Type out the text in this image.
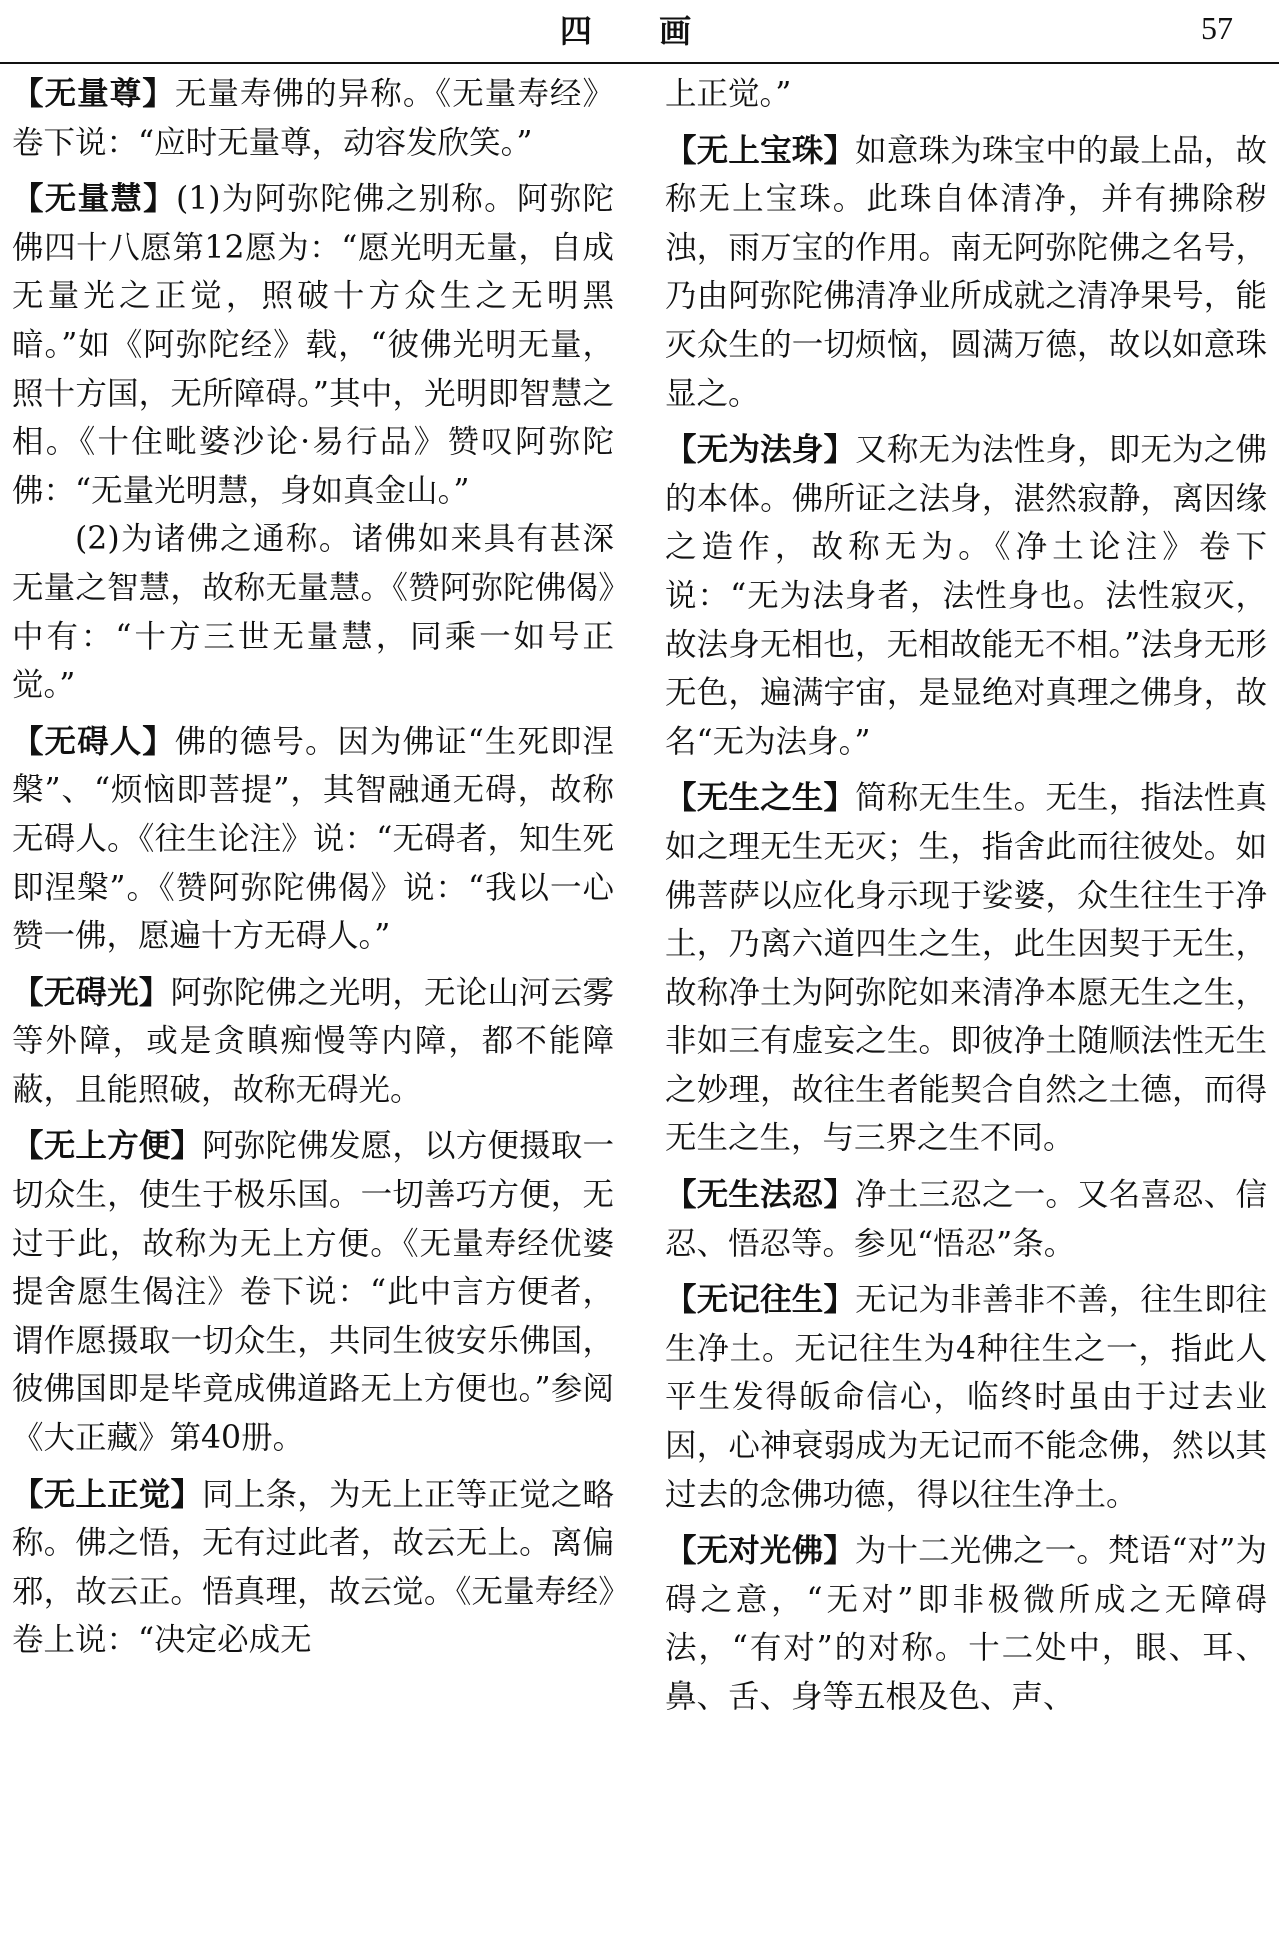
四 画	57

【无量尊】无量寿佛的异称。《无量寿经》卷下说：“应时无量尊，动容发欣笑。”

【无量慧】(1)为阿弥陀佛之别称。阿弥陀佛四十八愿第12愿为：“愿光明无量，自成无量光之正觉，照破十方众生之无明黑暗。”如《阿弥陀经》载，“彼佛光明无量，照十方国，无所障碍。”其中，光明即智慧之相。《十住毗婆沙论·易行品》赞叹阿弥陀佛：“无量光明慧，身如真金山。”

(2)为诸佛之通称。诸佛如来具有甚深无量之智慧，故称无量慧。《赞阿弥陀佛偈》中有：“十方三世无量慧，同乘一如号正觉。”

【无碍人】佛的德号。因为佛证“生死即涅槃”、“烦恼即菩提”，其智融通无碍，故称无碍人。《往生论注》说：“无碍者，知生死即涅槃”。《赞阿弥陀佛偈》说：“我以一心赞一佛，愿遍十方无碍人。”

【无碍光】阿弥陀佛之光明，无论山河云雾等外障，或是贪瞋痴慢等内障，都不能障蔽，且能照破，故称无碍光。

【无上方便】阿弥陀佛发愿，以方便摄取一切众生，使生于极乐国。一切善巧方便，无过于此，故称为无上方便。《无量寿经优婆提舍愿生偈注》卷下说：“此中言方便者，谓作愿摄取一切众生，共同生彼安乐佛国，彼佛国即是毕竟成佛道路无上方便也。”参阅《大正藏》第40册。

【无上正觉】同上条，为无上正等正觉之略称。佛之悟，无有过此者，故云无上。离偏邪，故云正。悟真理，故云觉。《无量寿经》卷上说：“决定必成无

上正觉。”

【无上宝珠】如意珠为珠宝中的最上品，故称无上宝珠。此珠自体清净，并有拂除秽浊，雨万宝的作用。南无阿弥陀佛之名号，乃由阿弥陀佛清净业所成就之清净果号，能灭众生的一切烦恼，圆满万德，故以如意珠显之。

【无为法身】又称无为法性身，即无为之佛的本体。佛所证之法身，湛然寂静，离因缘之造作，故称无为。《净土论注》卷下说：“无为法身者，法性身也。法性寂灭，故法身无相也，无相故能无不相。”法身无形无色，遍满宇宙，是显绝对真理之佛身，故名“无为法身。”

【无生之生】简称无生生。无生，指法性真如之理无生无灭；生，指舍此而往彼处。如佛菩萨以应化身示现于娑婆，众生往生于净土，乃离六道四生之生，此生因契于无生，故称净土为阿弥陀如来清净本愿无生之生，非如三有虚妄之生。即彼净土随顺法性无生之妙理，故往生者能契合自然之土德，而得无生之生，与三界之生不同。

【无生法忍】净土三忍之一。又名喜忍、信忍、悟忍等。参见“悟忍”条。

【无记往生】无记为非善非不善，往生即往生净土。无记往生为4种往生之一，指此人平生发得皈命信心，临终时虽由于过去业因，心神衰弱成为无记而不能念佛，然以其过去的念佛功德，得以往生净土。

【无对光佛】为十二光佛之一。梵语“对”为碍之意，“无对”即非极微所成之无障碍法，“有对”的对称。十二处中，眼、耳、鼻、舌、身等五根及色、声、
